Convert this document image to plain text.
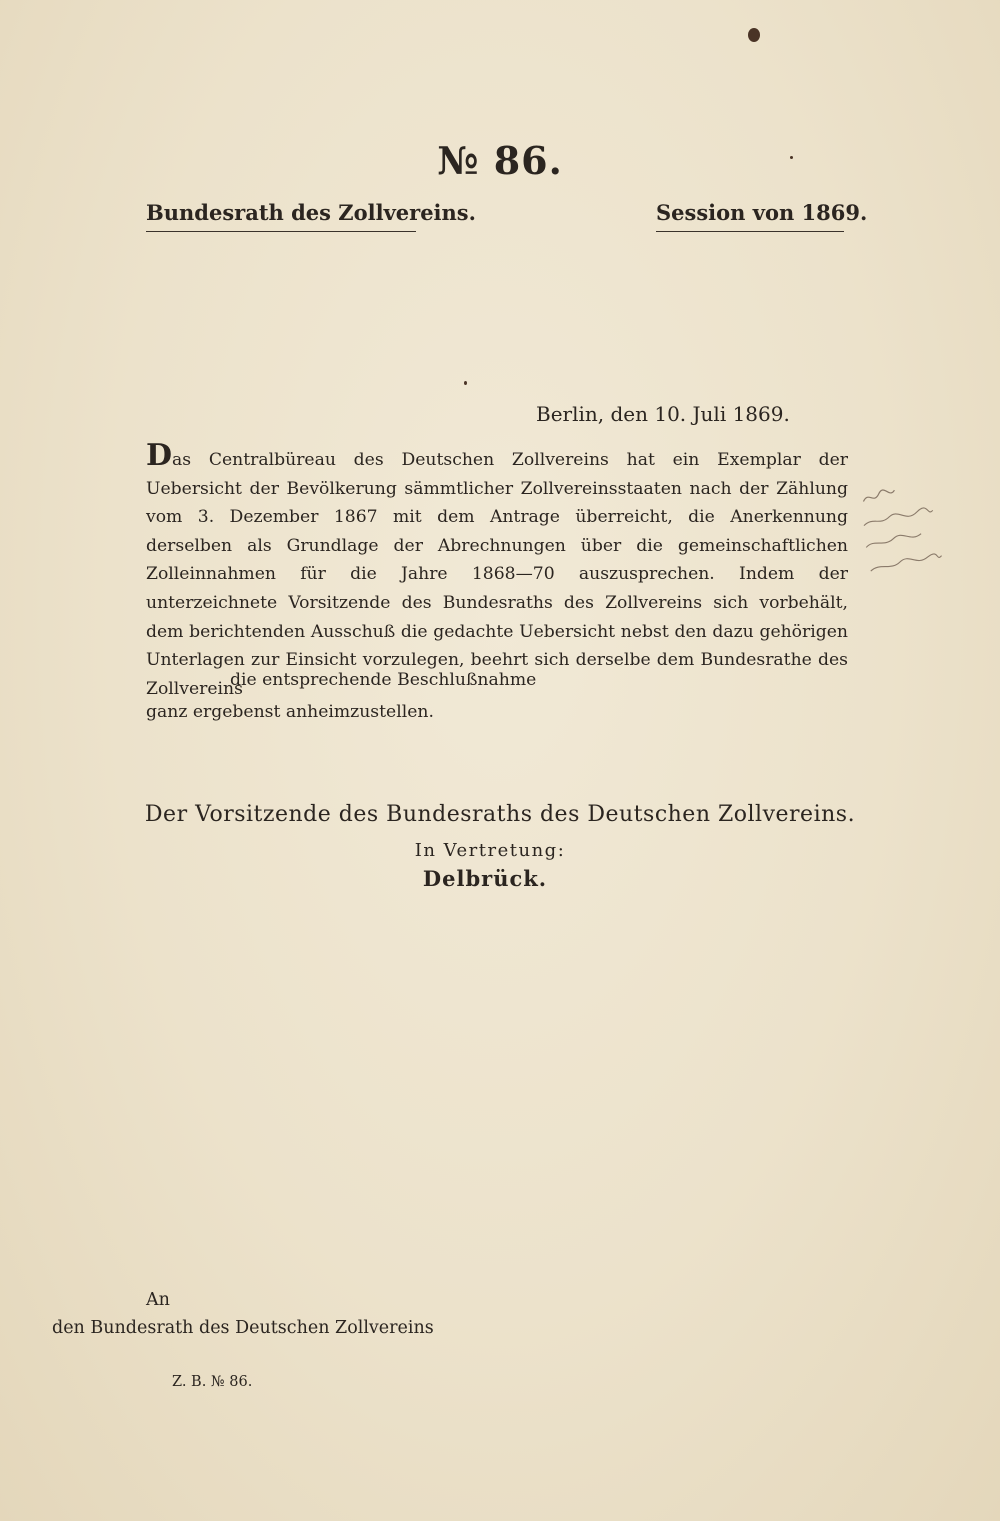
№ 86.
Bundesrath des Zollvereins.	Session von 1869.
Berlin, den 10. Juli 1869.
Das Centralbüreau des Deutschen Zollvereins hat ein Exemplar der Uebersicht der Bevölkerung sämmtlicher Zollvereinsstaaten nach der Zählung vom 3. Dezember 1867 mit dem Antrage überreicht, die Anerkennung derselben als Grundlage der Abrechnungen über die gemeinschaftlichen Zolleinnahmen für die Jahre 1868—70 auszusprechen. Indem der unterzeichnete Vorsitzende des Bundesraths des Zollvereins sich vorbehält, dem berichtenden Ausschuß die gedachte Uebersicht nebst den dazu gehörigen Unterlagen zur Einsicht vorzulegen, beehrt sich derselbe dem Bundesrathe des Zollvereins
die entsprechende Beschlußnahme
ganz ergebenst anheimzustellen.
Der Vorsitzende des Bundesraths des Deutschen Zollvereins.
In Vertretung:
Delbrück.
An
den Bundesrath des Deutschen Zollvereins
Z. B. № 86.
